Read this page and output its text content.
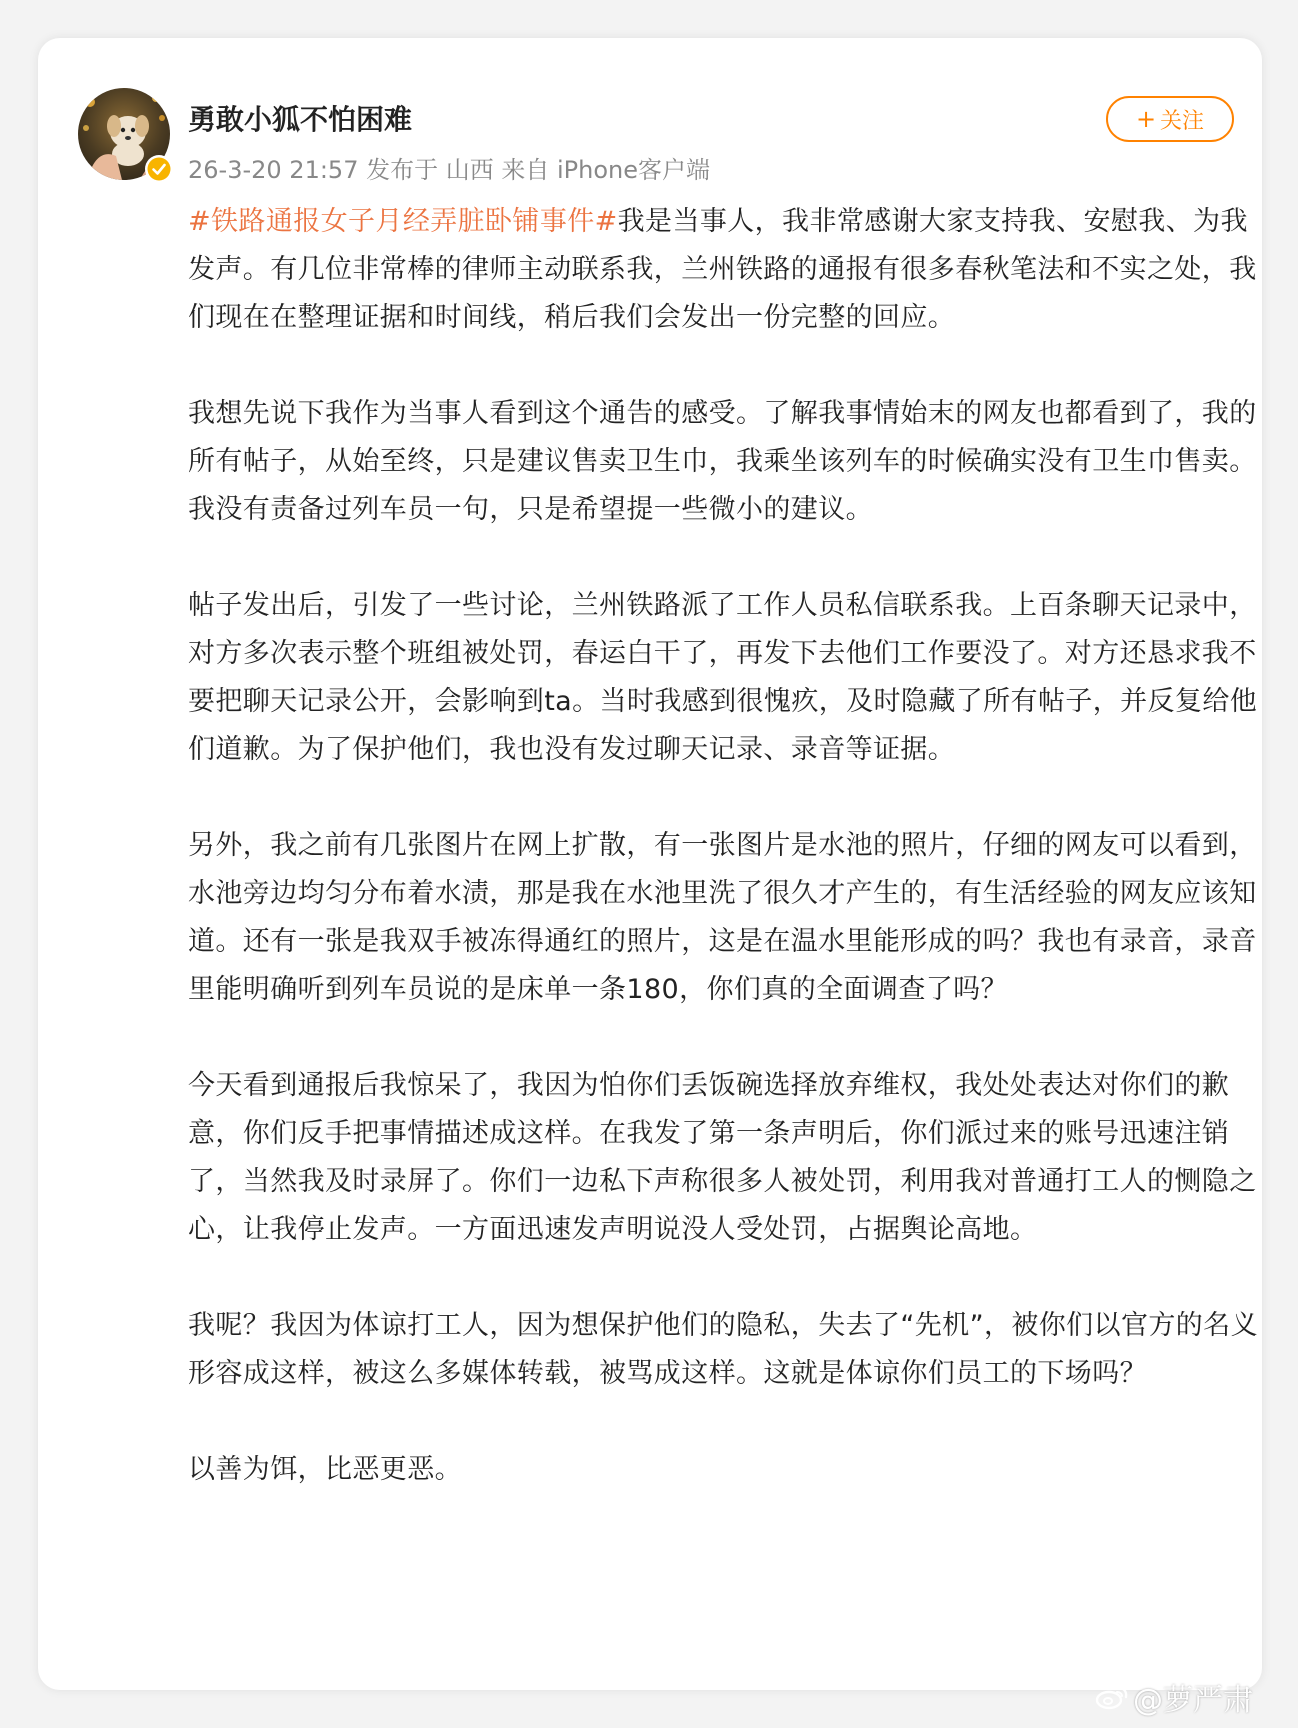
勇敢小狐不怕困难
26-3-20 21:57 发布于 山西 来自 iPhone客户端
+ 关注

#铁路通报女子月经弄脏卧铺事件#我是当事人，我非常感谢大家支持我、安慰我、为我发声。有几位非常棒的律师主动联系我，兰州铁路的通报有很多春秋笔法和不实之处，我们现在在整理证据和时间线，稍后我们会发出一份完整的回应。

我想先说下我作为当事人看到这个通告的感受。了解我事情始末的网友也都看到了，我的所有帖子，从始至终，只是建议售卖卫生巾，我乘坐该列车的时候确实没有卫生巾售卖。我没有责备过列车员一句，只是希望提一些微小的建议。

帖子发出后，引发了一些讨论，兰州铁路派了工作人员私信联系我。上百条聊天记录中，对方多次表示整个班组被处罚，春运白干了，再发下去他们工作要没了。对方还恳求我不要把聊天记录公开，会影响到ta。当时我感到很愧疚，及时隐藏了所有帖子，并反复给他们道歉。为了保护他们，我也没有发过聊天记录、录音等证据。

另外，我之前有几张图片在网上扩散，有一张图片是水池的照片，仔细的网友可以看到，水池旁边均匀分布着水渍，那是我在水池里洗了很久才产生的，有生活经验的网友应该知道。还有一张是我双手被冻得通红的照片，这是在温水里能形成的吗？我也有录音，录音里能明确听到列车员说的是床单一条180，你们真的全面调查了吗？

今天看到通报后我惊呆了，我因为怕你们丢饭碗选择放弃维权，我处处表达对你们的歉意，你们反手把事情描述成这样。在我发了第一条声明后，你们派过来的账号迅速注销了，当然我及时录屏了。你们一边私下声称很多人被处罚，利用我对普通打工人的恻隐之心，让我停止发声。一方面迅速发声明说没人受处罚，占据舆论高地。

我呢？我因为体谅打工人，因为想保护他们的隐私，失去了“先机”，被你们以官方的名义形容成这样，被这么多媒体转载，被骂成这样。这就是体谅你们员工的下场吗？

以善为饵，比恶更恶。

@萝严肃
